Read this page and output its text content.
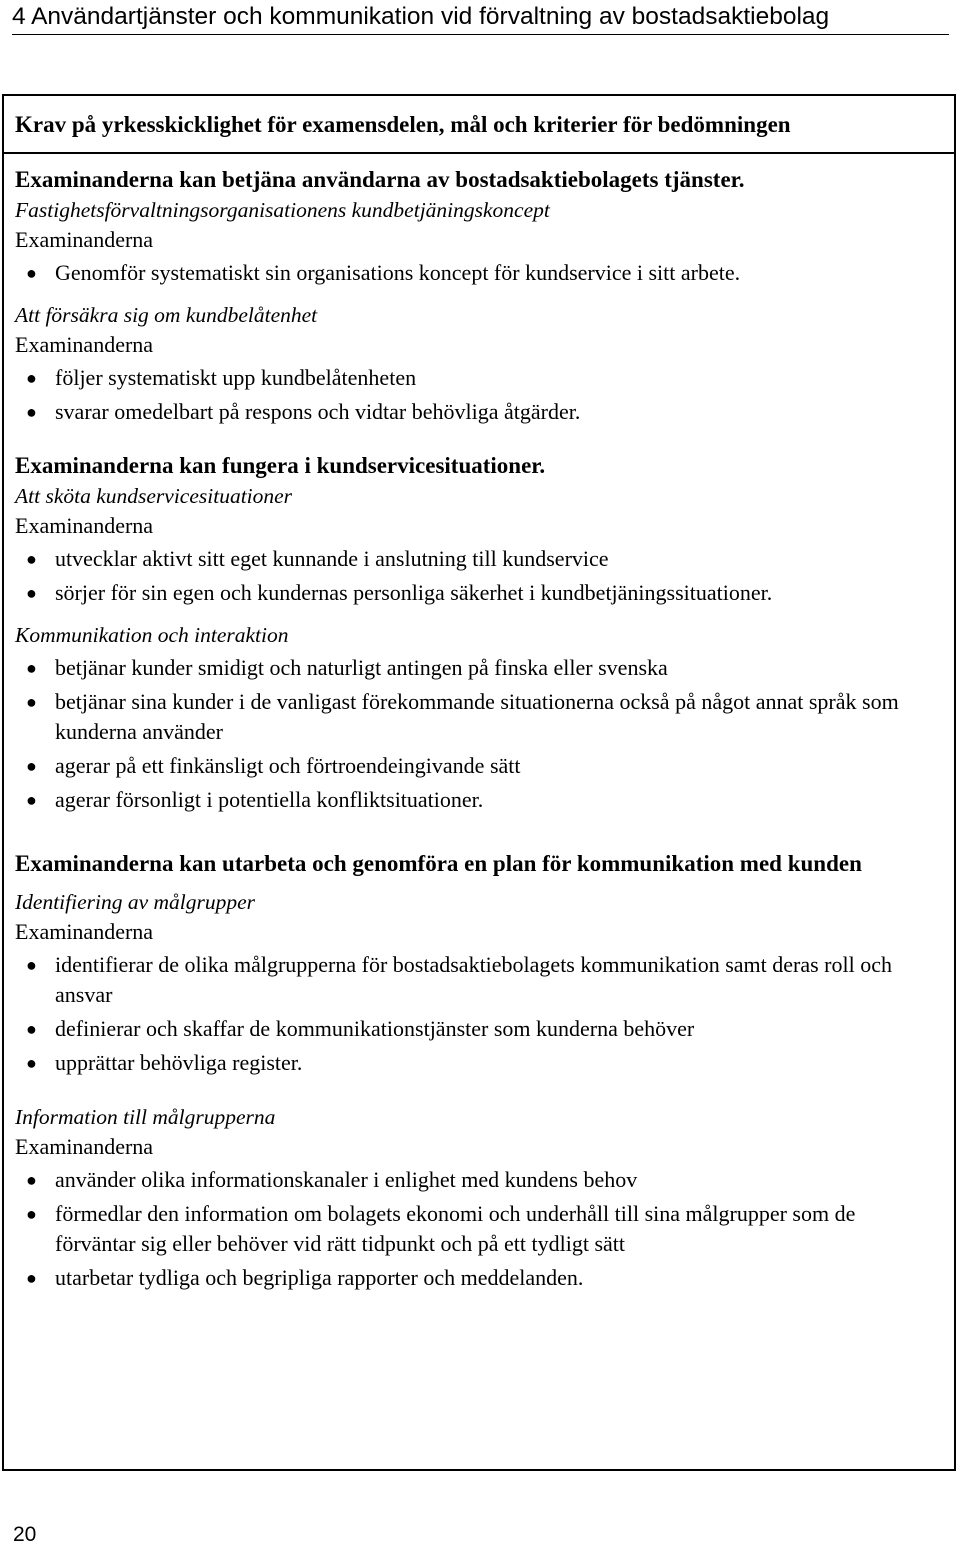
4 Användartjänster och kommunikation vid förvaltning av bostadsaktiebolag
Krav på yrkesskicklighet för examensdelen, mål och kriterier för bedömningen
Examinanderna kan betjäna användarna av bostadsaktiebolagets tjänster.
Fastighetsförvaltningsorganisationens kundbetjäningskoncept
Examinanderna
● Genomför systematiskt sin organisations koncept för kundservice i sitt arbete.
Att försäkra sig om kundbelåtenhet
Examinanderna
● följer systematiskt upp kundbelåtenheten
● svarar omedelbart på respons och vidtar behövliga åtgärder.
Examinanderna kan fungera i kundservicesituationer.
Att sköta kundservicesituationer
Examinanderna
● utvecklar aktivt sitt eget kunnande i anslutning till kundservice
● sörjer för sin egen och kundernas personliga säkerhet i kundbetjäningssituationer.
Kommunikation och interaktion
● betjänar kunder smidigt och naturligt antingen på finska eller svenska
● betjänar sina kunder i de vanligast förekommande situationerna också på något annat språk som kunderna använder
● agerar på ett finkänsligt och förtroendeingivande sätt
● agerar försonligt i potentiella konfliktsituationer.
Examinanderna kan utarbeta och genomföra en plan för kommunikation med kunden
Identifiering av målgrupper
Examinanderna
● identifierar de olika målgrupperna för bostadsaktiebolagets kommunikation samt deras roll och ansvar
● definierar och skaffar de kommunikationstjänster som kunderna behöver
● upprättar behövliga register.
Information till målgrupperna
Examinanderna
● använder olika informationskanaler i enlighet med kundens behov
● förmedlar den information om bolagets ekonomi och underhåll till sina målgrupper som de förväntar sig eller behöver vid rätt tidpunkt och på ett tydligt sätt
● utarbetar tydliga och begripliga rapporter och meddelanden.
20
